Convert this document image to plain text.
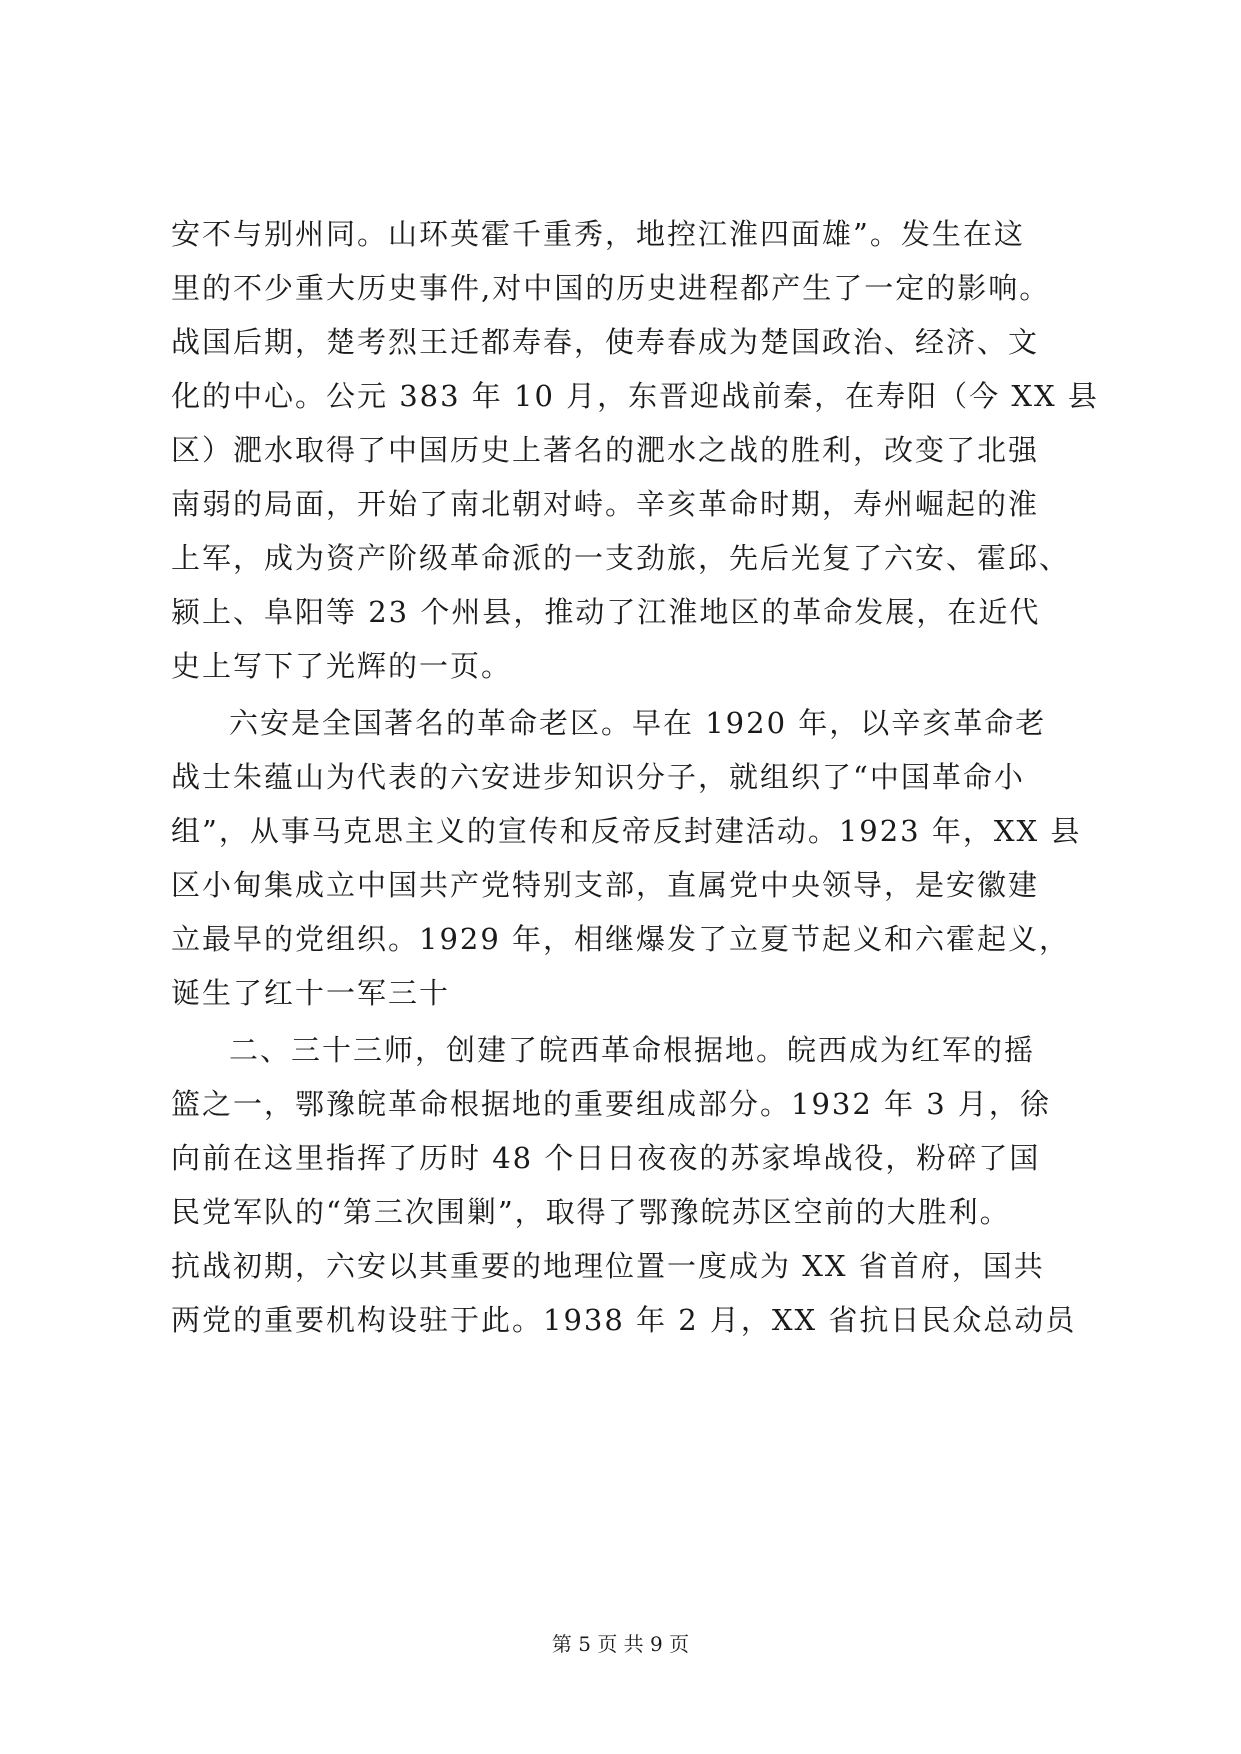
安不与别州同。山环英霍千重秀，地控江淮四面雄”。发生在这
里的不少重大历史事件,对中国的历史进程都产生了一定的影响。
战国后期，楚考烈王迁都寿春，使寿春成为楚国政治、经济、文
化的中心。公元 383 年 10 月，东晋迎战前秦，在寿阳（今 XX 县
区）淝水取得了中国历史上著名的淝水之战的胜利，改变了北强
南弱的局面，开始了南北朝对峙。辛亥革命时期，寿州崛起的淮
上军，成为资产阶级革命派的一支劲旅，先后光复了六安、霍邱、
颍上、阜阳等 23 个州县，推动了江淮地区的革命发展，在近代
史上写下了光辉的一页。
六安是全国著名的革命老区。早在 1920 年，以辛亥革命老
战士朱蕴山为代表的六安进步知识分子，就组织了“中国革命小
组”，从事马克思主义的宣传和反帝反封建活动。1923 年，XX 县
区小甸集成立中国共产党特别支部，直属党中央领导，是安徽建
立最早的党组织。1929 年，相继爆发了立夏节起义和六霍起义，
诞生了红十一军三十
二、三十三师，创建了皖西革命根据地。皖西成为红军的摇
篮之一，鄂豫皖革命根据地的重要组成部分。1932 年 3 月，徐
向前在这里指挥了历时 48 个日日夜夜的苏家埠战役，粉碎了国
民党军队的“第三次围剿”，取得了鄂豫皖苏区空前的大胜利。
抗战初期，六安以其重要的地理位置一度成为 XX 省首府，国共
两党的重要机构设驻于此。1938 年 2 月，XX 省抗日民众总动员
第 5 页 共 9 页
